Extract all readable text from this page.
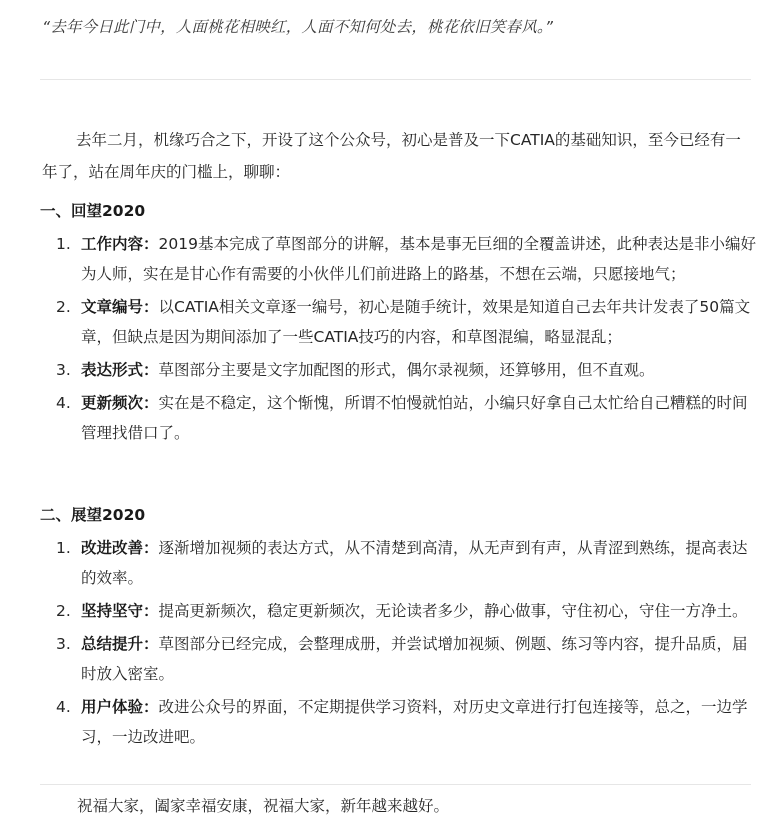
“去年今日此门中，人面桃花相映红，人面不知何处去，桃花依旧笑春风。”

去年二月，机缘巧合之下，开设了这个公众号，初心是普及一下CATIA的基础知识，至今已经有一年了，站在周年庆的门槛上，聊聊：

一、回望2020
1. 工作内容：2019基本完成了草图部分的讲解，基本是事无巨细的全覆盖讲述，此种表达是非小编好为人师，实在是甘心作有需要的小伙伴儿们前进路上的路基，不想在云端，只愿接地气；
2. 文章编号：以CATIA相关文章逐一编号，初心是随手统计，效果是知道自己去年共计发表了50篇文章，但缺点是因为期间添加了一些CATIA技巧的内容，和草图混编，略显混乱；
3. 表达形式：草图部分主要是文字加配图的形式，偶尔录视频，还算够用，但不直观。
4. 更新频次：实在是不稳定，这个惭愧，所谓不怕慢就怕站，小编只好拿自己太忙给自己糟糕的时间管理找借口了。
二、展望2020
1. 改进改善：逐渐增加视频的表达方式，从不清楚到高清，从无声到有声，从青涩到熟练，提高表达的效率。
2. 坚持坚守：提高更新频次，稳定更新频次，无论读者多少，静心做事，守住初心，守住一方净土。
3. 总结提升：草图部分已经完成，会整理成册，并尝试增加视频、例题、练习等内容，提升品质，届时放入密室。
4. 用户体验：改进公众号的界面，不定期提供学习资料，对历史文章进行打包连接等，总之，一边学习，一边改进吧。
祝福大家，阖家幸福安康，祝福大家，新年越来越好。
